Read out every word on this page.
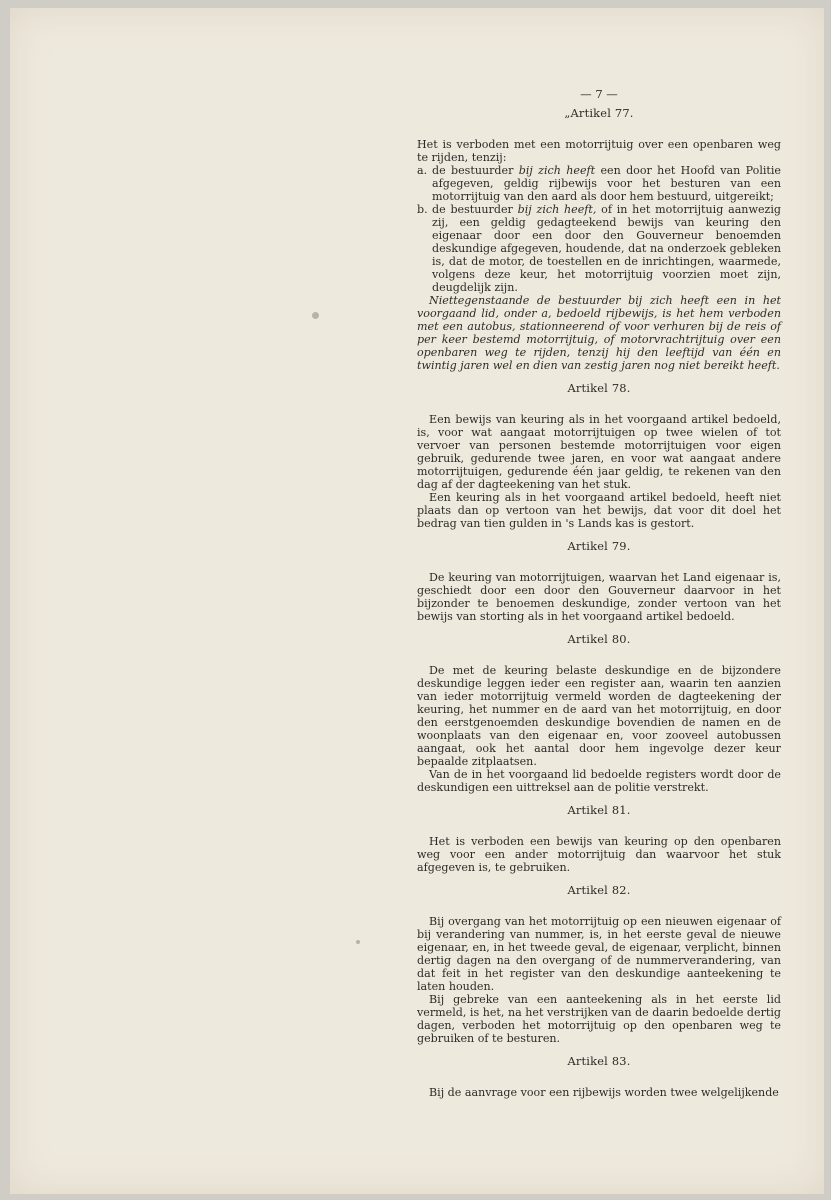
— 7 —
„Artikel 77.

Het is verboden met een motorrijtuig over een openbaren weg te rijden, tenzij:

a. de bestuurder bij zich heeft een door het Hoofd van Politie afgegeven, geldig rijbewijs voor het besturen van een motorrijtuig van den aard als door hem bestuurd, uitgereikt;
b. de bestuurder bij zich heeft, of in het motorrijtuig aanwezig zij, een geldig gedagteekend bewijs van keuring den eigenaar door een door den Gouverneur benoemden deskundige afgegeven, houdende, dat na onderzoek gebleken is, dat de motor, de toestellen en de inrichtingen, waarmede, volgens deze keur, het motorrijtuig voorzien moet zijn, deugdelijk zijn.

Niettegenstaande de bestuurder bij zich heeft een in het voorgaand lid, onder a, bedoeld rijbewijs, is het hem verboden met een autobus, stationneerend of voor verhuren bij de reis of per keer bestemd motorrijtuig, of motorvrachtrijtuig over een openbaren weg te rijden, tenzij hij den leeftijd van één en twintig jaren wel en dien van zestig jaren nog niet bereikt heeft.

Artikel 78.

Een bewijs van keuring als in het voorgaand artikel bedoeld, is, voor wat aangaat motorrijtuigen op twee wielen of tot vervoer van personen bestemde motorrijtuigen voor eigen gebruik, gedurende twee jaren, en voor wat aangaat andere motorrijtuigen, gedurende één jaar geldig, te rekenen van den dag af der dagteekening van het stuk.

Een keuring als in het voorgaand artikel bedoeld, heeft niet plaats dan op vertoon van het bewijs, dat voor dit doel het bedrag van tien gulden in 's Lands kas is gestort.

Artikel 79.

De keuring van motorrijtuigen, waarvan het Land eigenaar is, geschiedt door een door den Gouverneur daarvoor in het bijzonder te benoemen deskundige, zonder vertoon van het bewijs van storting als in het voorgaand artikel bedoeld.

Artikel 80.

De met de keuring belaste deskundige en de bijzondere deskundige leggen ieder een register aan, waarin ten aanzien van ieder motorrijtuig vermeld worden de dagteekening der keuring, het nummer en de aard van het motorrijtuig, en door den eerstgenoemden deskundige bovendien de namen en de woonplaats van den eigenaar en, voor zooveel autobussen aangaat, ook het aantal door hem ingevolge dezer keur bepaalde zitplaatsen.

Van de in het voorgaand lid bedoelde registers wordt door de deskundigen een uittreksel aan de politie verstrekt.

Artikel 81.

Het is verboden een bewijs van keuring op den openbaren weg voor een ander motorrijtuig dan waarvoor het stuk afgegeven is, te gebruiken.

Artikel 82.

Bij overgang van het motorrijtuig op een nieuwen eigenaar of bij verandering van nummer, is, in het eerste geval de nieuwe eigenaar, en, in het tweede geval, de eigenaar, verplicht, binnen dertig dagen na den overgang of de nummerverandering, van dat feit in het register van den deskundige aanteekening te laten houden.

Bij gebreke van een aanteekening als in het eerste lid vermeld, is het, na het verstrijken van de daarin bedoelde dertig dagen, verboden het motorrijtuig op den openbaren weg te gebruiken of te besturen.

Artikel 83.

Bij de aanvrage voor een rijbewijs worden twee welgelijkende
